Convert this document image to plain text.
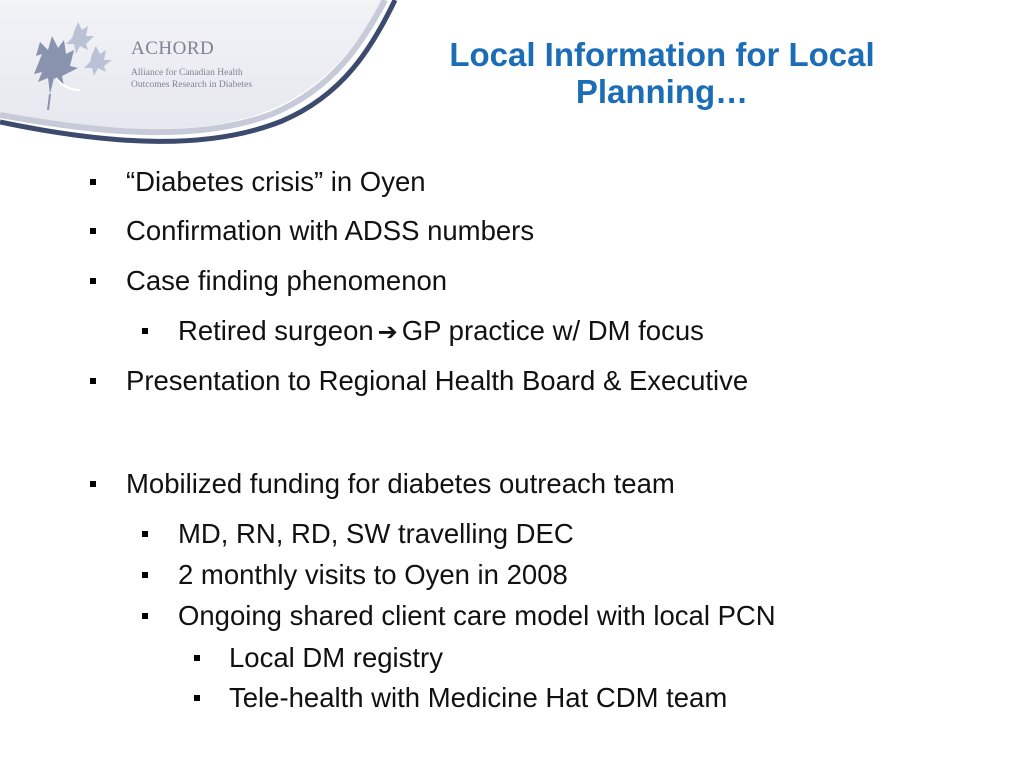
ACHORD
Alliance for Canadian Health Outcomes Research in Diabetes
Local Information for Local
Planning…
“Diabetes crisis” in Oyen
Confirmation with ADSS numbers
Case finding phenomenon
Retired surgeon ➔ GP practice w/ DM focus
Presentation to Regional Health Board & Executive
Mobilized funding for diabetes outreach team
MD, RN, RD, SW travelling DEC
2 monthly visits to Oyen in 2008
Ongoing shared client care model with local PCN
Local DM registry
Tele-health with Medicine Hat CDM team
